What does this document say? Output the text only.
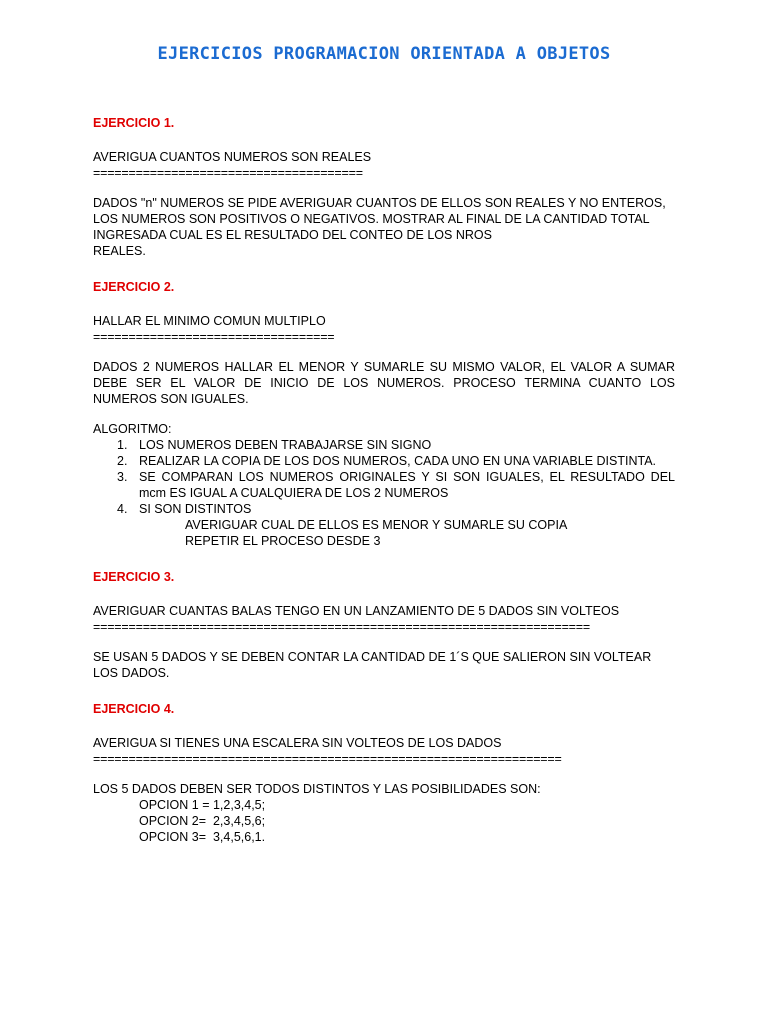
EJERCICIOS PROGRAMACION ORIENTADA A OBJETOS

EJERCICIO 1.

AVERIGUA CUANTOS NUMEROS SON REALES

======================================

DADOS "n" NUMEROS SE PIDE AVERIGUAR CUANTOS DE ELLOS SON REALES Y NO ENTEROS, LOS NUMEROS SON POSITIVOS O NEGATIVOS. MOSTRAR AL FINAL DE LA CANTIDAD TOTAL INGRESADA CUAL ES EL RESULTADO DEL CONTEO DE LOS NROS

REALES.

EJERCICIO 2.

HALLAR EL MINIMO COMUN MULTIPLO

==================================

DADOS 2 NUMEROS HALLAR EL MENOR Y SUMARLE SU MISMO VALOR, EL VALOR A SUMAR DEBE SER EL VALOR DE INICIO DE LOS NUMEROS. PROCESO TERMINA CUANTO LOS NUMEROS SON IGUALES.

ALGORITMO:

1. LOS NUMEROS DEBEN TRABAJARSE SIN SIGNO
2. REALIZAR LA COPIA DE LOS DOS NUMEROS, CADA UNO EN UNA VARIABLE DISTINTA.
3. SE COMPARAN LOS NUMEROS ORIGINALES Y SI SON IGUALES, EL RESULTADO DEL mcm ES IGUAL A CUALQUIERA DE LOS 2 NUMEROS
4. SI SON DISTINTOS

AVERIGUAR CUAL DE ELLOS ES MENOR Y SUMARLE SU COPIA

REPETIR EL PROCESO DESDE 3

EJERCICIO 3.

AVERIGUAR CUANTAS BALAS TENGO EN UN LANZAMIENTO DE 5 DADOS SIN VOLTEOS

======================================================================

SE USAN 5 DADOS Y SE DEBEN CONTAR LA CANTIDAD DE 1´S QUE SALIERON SIN VOLTEAR LOS DADOS.

EJERCICIO 4.

AVERIGUA SI TIENES UNA ESCALERA SIN VOLTEOS DE LOS DADOS

==================================================================

LOS 5 DADOS DEBEN SER TODOS DISTINTOS Y LAS POSIBILIDADES SON:

OPCION 1 = 1,2,3,4,5;

OPCION 2=  2,3,4,5,6;

OPCION 3=  3,4,5,6,1.
